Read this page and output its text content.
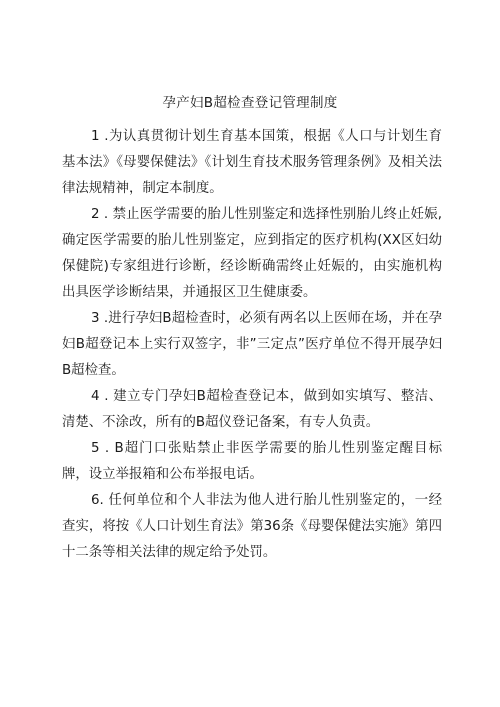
孕产妇B超检查登记管理制度

1 .为认真贯彻计划生育基本国策，根据《人口与计划生育基本法》《母婴保健法》《计划生育技术服务管理条例》及相关法律法规精神，制定本制度。

2 . 禁止医学需要的胎儿性别鉴定和选择性别胎儿终止妊娠,确定医学需要的胎儿性别鉴定，应到指定的医疗机构(XX区妇幼保健院)专家组进行诊断，经诊断确需终止妊娠的，由实施机构出具医学诊断结果，并通报区卫生健康委。

3 .进行孕妇B超检查时，必须有两名以上医师在场，并在孕妇B超登记本上实行双签字，非”三定点”医疗单位不得开展孕妇B超检查。

4 . 建立专门孕妇B超检查登记本，做到如实填写、整洁、清楚、不涂改，所有的B超仪登记备案，有专人负责。

5 . B超门口张贴禁止非医学需要的胎儿性别鉴定醒目标牌，设立举报箱和公布举报电话。

6. 任何单位和个人非法为他人进行胎儿性别鉴定的，一经查实，将按《人口计划生育法》第36条《母婴保健法实施》第四十二条等相关法律的规定给予处罚。
